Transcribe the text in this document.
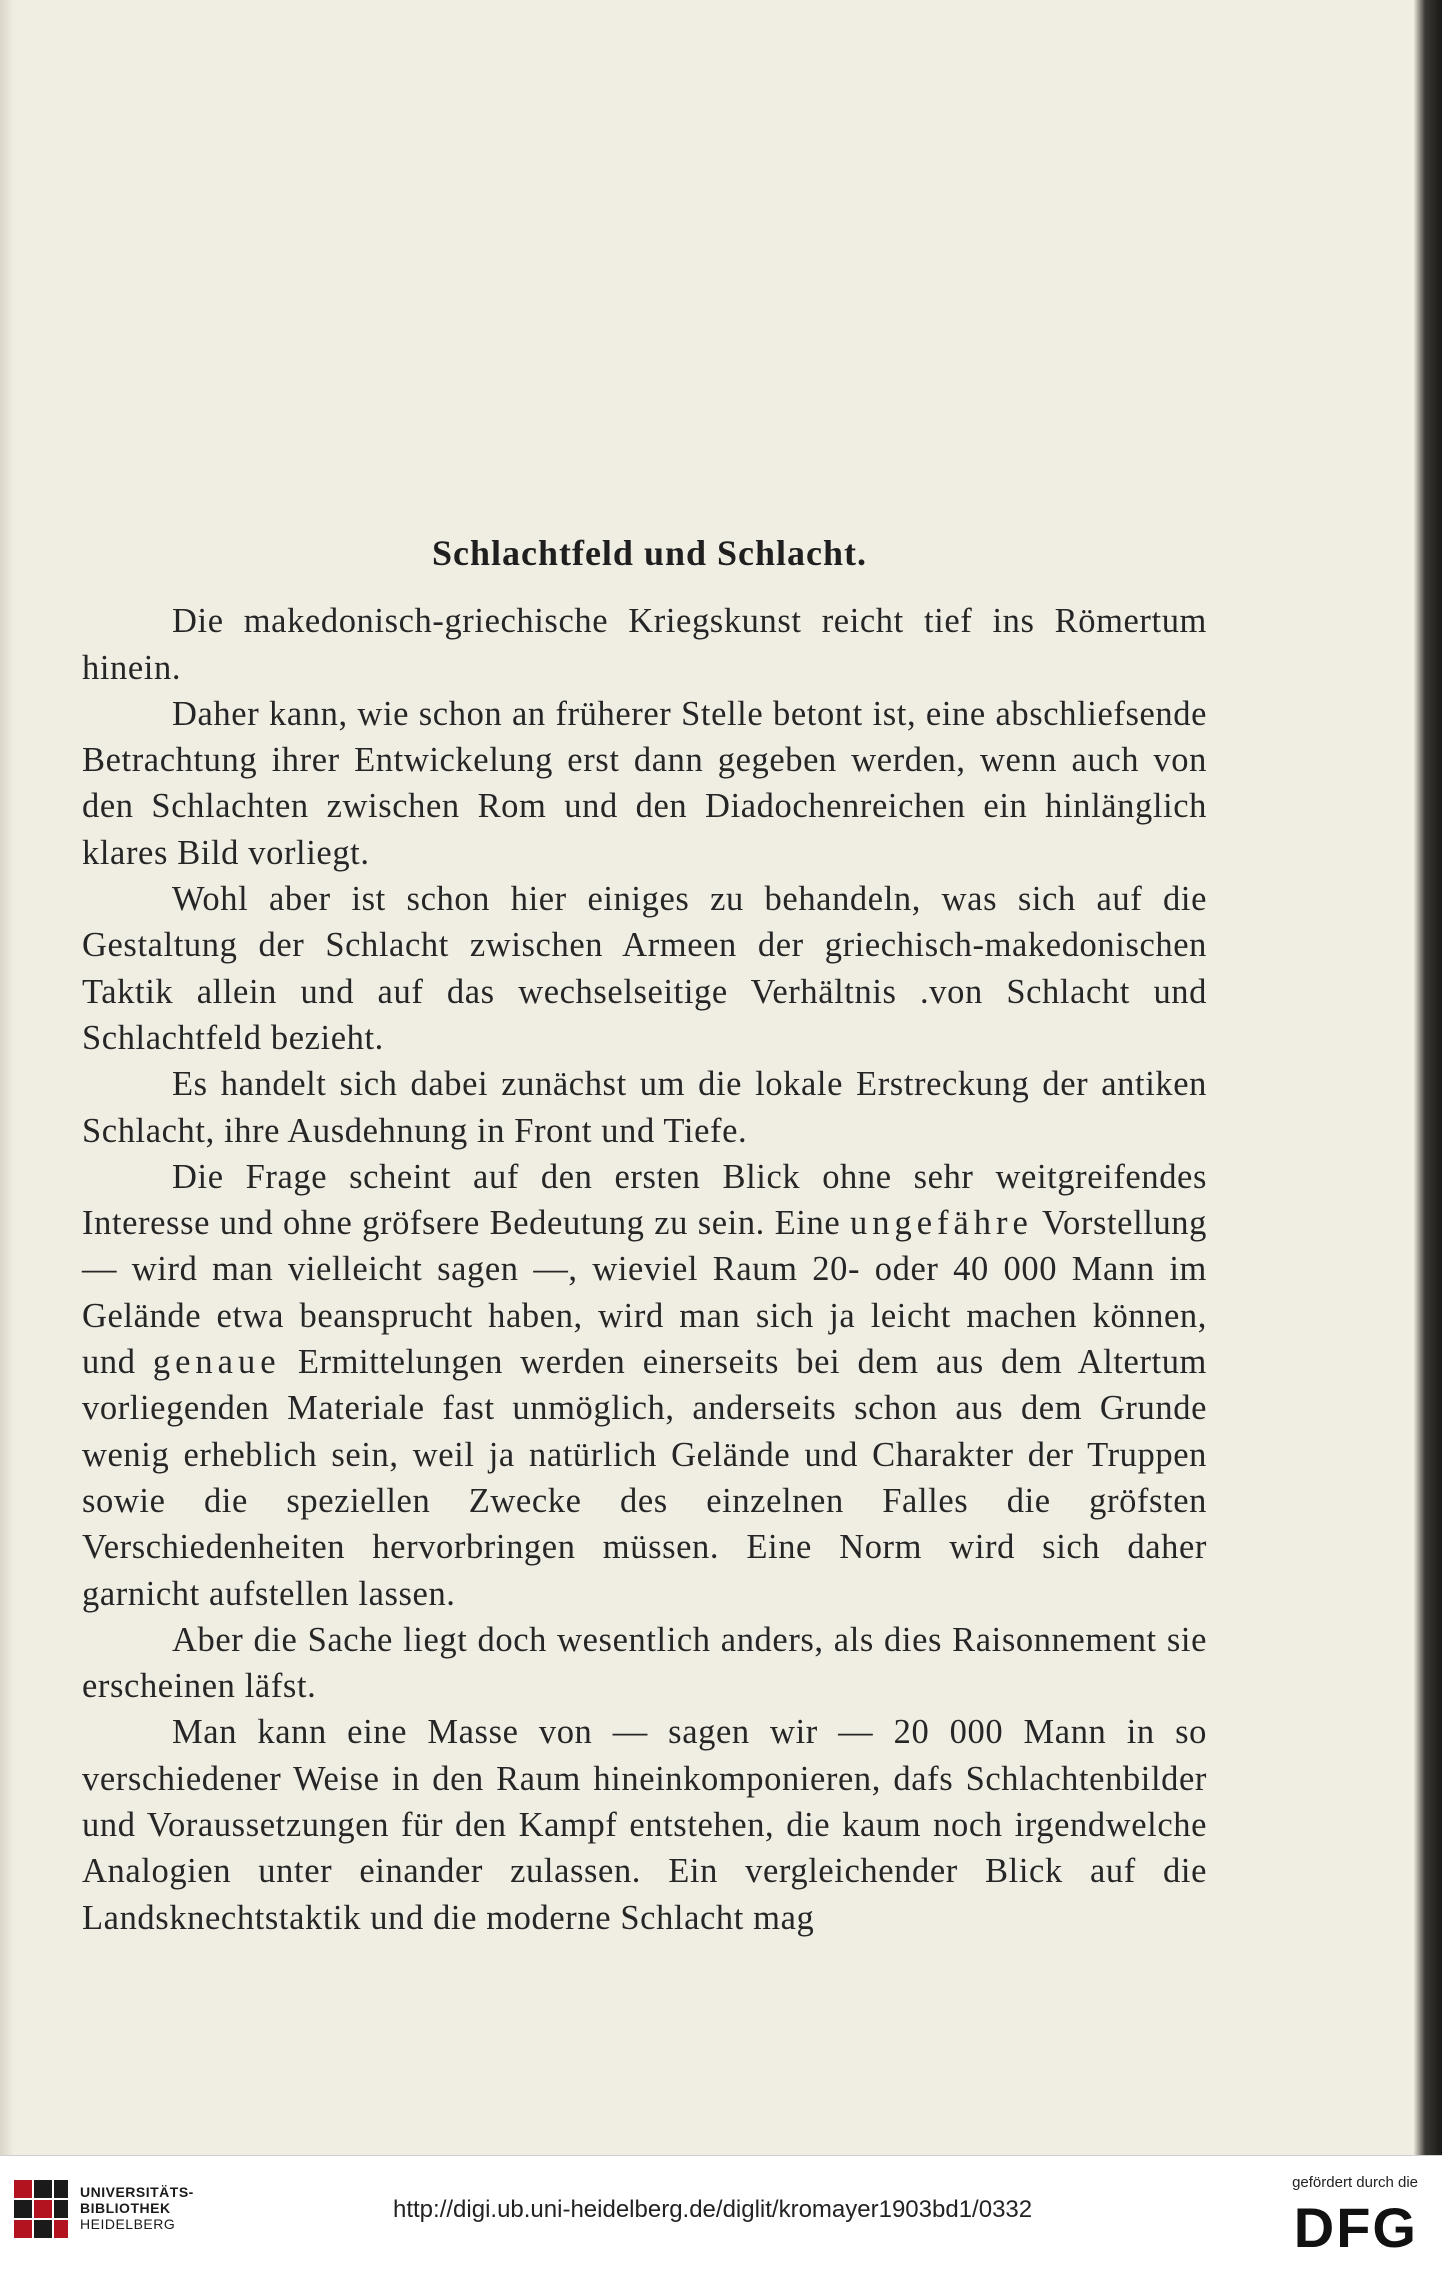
Schlachtfeld und Schlacht.

Die makedonisch-griechische Kriegskunst reicht tief ins Römertum hinein.

Daher kann, wie schon an früherer Stelle betont ist, eine abschliefsende Betrachtung ihrer Entwickelung erst dann gegeben werden, wenn auch von den Schlachten zwischen Rom und den Diadochenreichen ein hinlänglich klares Bild vorliegt.

Wohl aber ist schon hier einiges zu behandeln, was sich auf die Gestaltung der Schlacht zwischen Armeen der griechisch-makedonischen Taktik allein und auf das wechselseitige Verhältnis .von Schlacht und Schlachtfeld bezieht.

Es handelt sich dabei zunächst um die lokale Erstreckung der antiken Schlacht, ihre Ausdehnung in Front und Tiefe.

Die Frage scheint auf den ersten Blick ohne sehr weitgreifendes Interesse und ohne gröfsere Bedeutung zu sein. Eine ungefähre Vorstellung — wird man vielleicht sagen —, wieviel Raum 20- oder 40 000 Mann im Gelände etwa beansprucht haben, wird man sich ja leicht machen können, und genaue Ermittelungen werden einerseits bei dem aus dem Altertum vorliegenden Materiale fast unmöglich, anderseits schon aus dem Grunde wenig erheblich sein, weil ja natürlich Gelände und Charakter der Truppen sowie die speziellen Zwecke des einzelnen Falles die gröfsten Verschiedenheiten hervorbringen müssen. Eine Norm wird sich daher garnicht aufstellen lassen.

Aber die Sache liegt doch wesentlich anders, als dies Raisonnement sie erscheinen läfst.

Man kann eine Masse von — sagen wir — 20 000 Mann in so verschiedener Weise in den Raum hineinkomponieren, dafs Schlachtenbilder und Voraussetzungen für den Kampf entstehen, die kaum noch irgendwelche Analogien unter einander zulassen. Ein vergleichender Blick auf die Landsknechtstaktik und die moderne Schlacht mag

UNIVERSITÄTS-
BIBLIOTHEK
HEIDELBERG
http://digi.ub.uni-heidelberg.de/diglit/kromayer1903bd1/0332
gefördert durch die
DFG
